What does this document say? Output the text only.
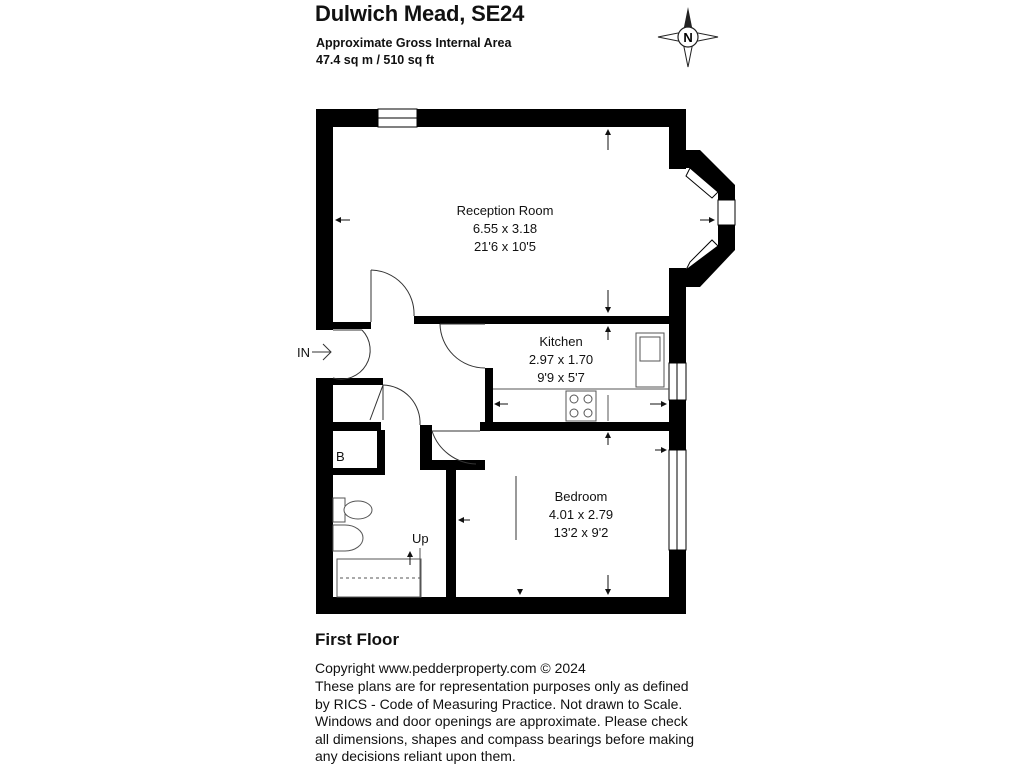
Dulwich Mead, SE24
Approximate Gross Internal Area
47.4 sq m / 510 sq ft
N
IN
Reception Room
6.55 x 3.18
21'6 x 10'5
Kitchen
2.97 x 1.70
9'9 x 5'7
Bedroom
4.01 x 2.79
13'2 x 9'2
B
Up
First Floor
Copyright www.pedderproperty.com © 2024
These plans are for representation purposes only as defined by RICS - Code of Measuring Practice. Not drawn to Scale. Windows and door openings are approximate. Please check all dimensions, shapes and compass bearings before making any decisions reliant upon them.
